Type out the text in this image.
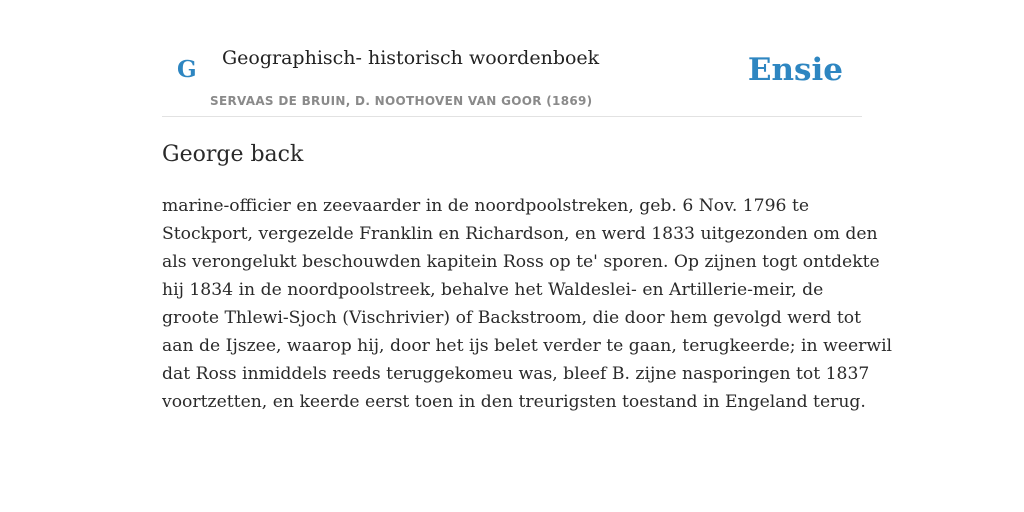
G Geographisch- historisch woordenboek
SERVAAS DE BRUIN, D. NOOTHOVEN VAN GOOR (1869)
Ensie
George back

marine-officier en zeevaarder in de noordpoolstreken, geb. 6 Nov. 1796 te
Stockport, vergezelde Franklin en Richardson, en werd 1833 uitgezonden om den
als verongelukt beschouwden kapitein Ross op te' sporen. Op zijnen togt ontdekte
hij 1834 in de noordpoolstreek, behalve het Waldeslei- en Artillerie-meir, de
groote Thlewi-Sjoch (Vischrivier) of Backstroom, die door hem gevolgd werd tot
aan de Ijszee, waarop hij, door het ijs belet verder te gaan, terugkeerde; in weerwil
dat Ross inmiddels reeds teruggekomeu was, bleef B. zijne nasporingen tot 1837
voortzetten, en keerde eerst toen in den treurigsten toestand in Engeland terug.
